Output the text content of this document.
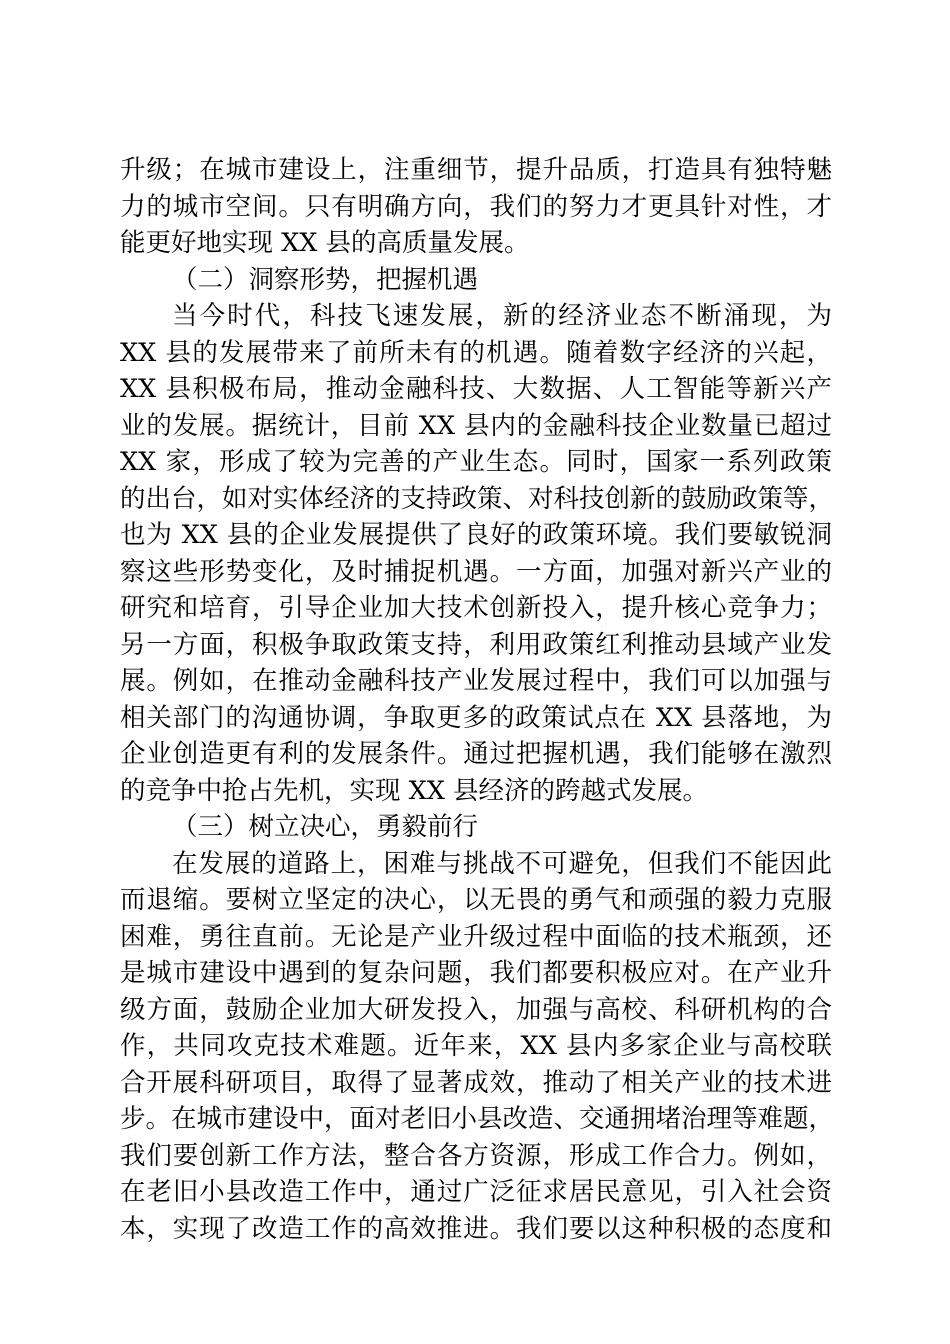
升级；在城市建设上，注重细节，提升品质，打造具有独特魅
力的城市空间。只有明确方向，我们的努力才更具针对性，才
能更好地实现 XX 县的高质量发展。
（二）洞察形势，把握机遇
当今时代，科技飞速发展，新的经济业态不断涌现，为
XX 县的发展带来了前所未有的机遇。随着数字经济的兴起，
XX 县积极布局，推动金融科技、大数据、人工智能等新兴产
业的发展。据统计，目前 XX 县内的金融科技企业数量已超过
XX 家，形成了较为完善的产业生态。同时，国家一系列政策
的出台，如对实体经济的支持政策、对科技创新的鼓励政策等，
也为 XX 县的企业发展提供了良好的政策环境。我们要敏锐洞
察这些形势变化，及时捕捉机遇。一方面，加强对新兴产业的
研究和培育，引导企业加大技术创新投入，提升核心竞争力；
另一方面，积极争取政策支持，利用政策红利推动县域产业发
展。例如，在推动金融科技产业发展过程中，我们可以加强与
相关部门的沟通协调，争取更多的政策试点在 XX 县落地，为
企业创造更有利的发展条件。通过把握机遇，我们能够在激烈
的竞争中抢占先机，实现 XX 县经济的跨越式发展。
（三）树立决心，勇毅前行
在发展的道路上，困难与挑战不可避免，但我们不能因此
而退缩。要树立坚定的决心，以无畏的勇气和顽强的毅力克服
困难，勇往直前。无论是产业升级过程中面临的技术瓶颈，还
是城市建设中遇到的复杂问题，我们都要积极应对。在产业升
级方面，鼓励企业加大研发投入，加强与高校、科研机构的合
作，共同攻克技术难题。近年来，XX 县内多家企业与高校联
合开展科研项目，取得了显著成效，推动了相关产业的技术进
步。在城市建设中，面对老旧小县改造、交通拥堵治理等难题，
我们要创新工作方法，整合各方资源，形成工作合力。例如，
在老旧小县改造工作中，通过广泛征求居民意见，引入社会资
本，实现了改造工作的高效推进。我们要以这种积极的态度和
